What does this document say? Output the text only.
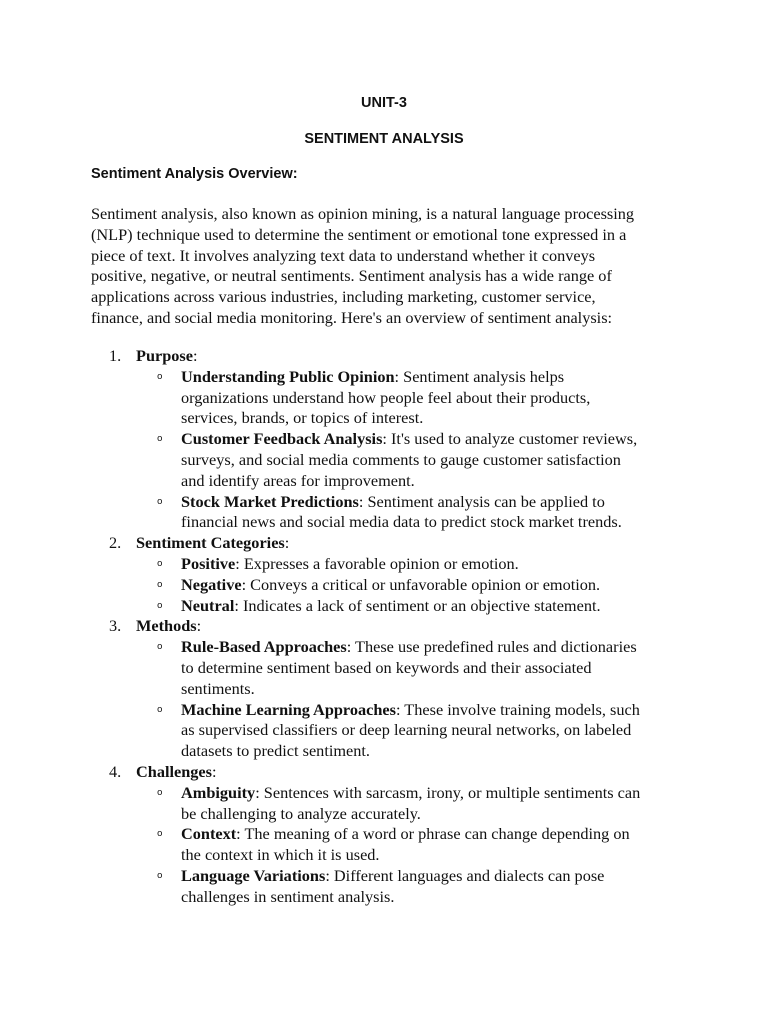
UNIT-3
SENTIMENT ANALYSIS
Sentiment Analysis Overview:
Sentiment analysis, also known as opinion mining, is a natural language processing
(NLP) technique used to determine the sentiment or emotional tone expressed in a
piece of text. It involves analyzing text data to understand whether it conveys
positive, negative, or neutral sentiments. Sentiment analysis has a wide range of
applications across various industries, including marketing, customer service,
finance, and social media monitoring. Here's an overview of sentiment analysis:
1. Purpose:
o Understanding Public Opinion: Sentiment analysis helps
organizations understand how people feel about their products,
services, brands, or topics of interest.
o Customer Feedback Analysis: It's used to analyze customer reviews,
surveys, and social media comments to gauge customer satisfaction
and identify areas for improvement.
o Stock Market Predictions: Sentiment analysis can be applied to
financial news and social media data to predict stock market trends.
2. Sentiment Categories:
o Positive: Expresses a favorable opinion or emotion.
o Negative: Conveys a critical or unfavorable opinion or emotion.
o Neutral: Indicates a lack of sentiment or an objective statement.
3. Methods:
o Rule-Based Approaches: These use predefined rules and dictionaries
to determine sentiment based on keywords and their associated
sentiments.
o Machine Learning Approaches: These involve training models, such
as supervised classifiers or deep learning neural networks, on labeled
datasets to predict sentiment.
4. Challenges:
o Ambiguity: Sentences with sarcasm, irony, or multiple sentiments can
be challenging to analyze accurately.
o Context: The meaning of a word or phrase can change depending on
the context in which it is used.
o Language Variations: Different languages and dialects can pose
challenges in sentiment analysis.
